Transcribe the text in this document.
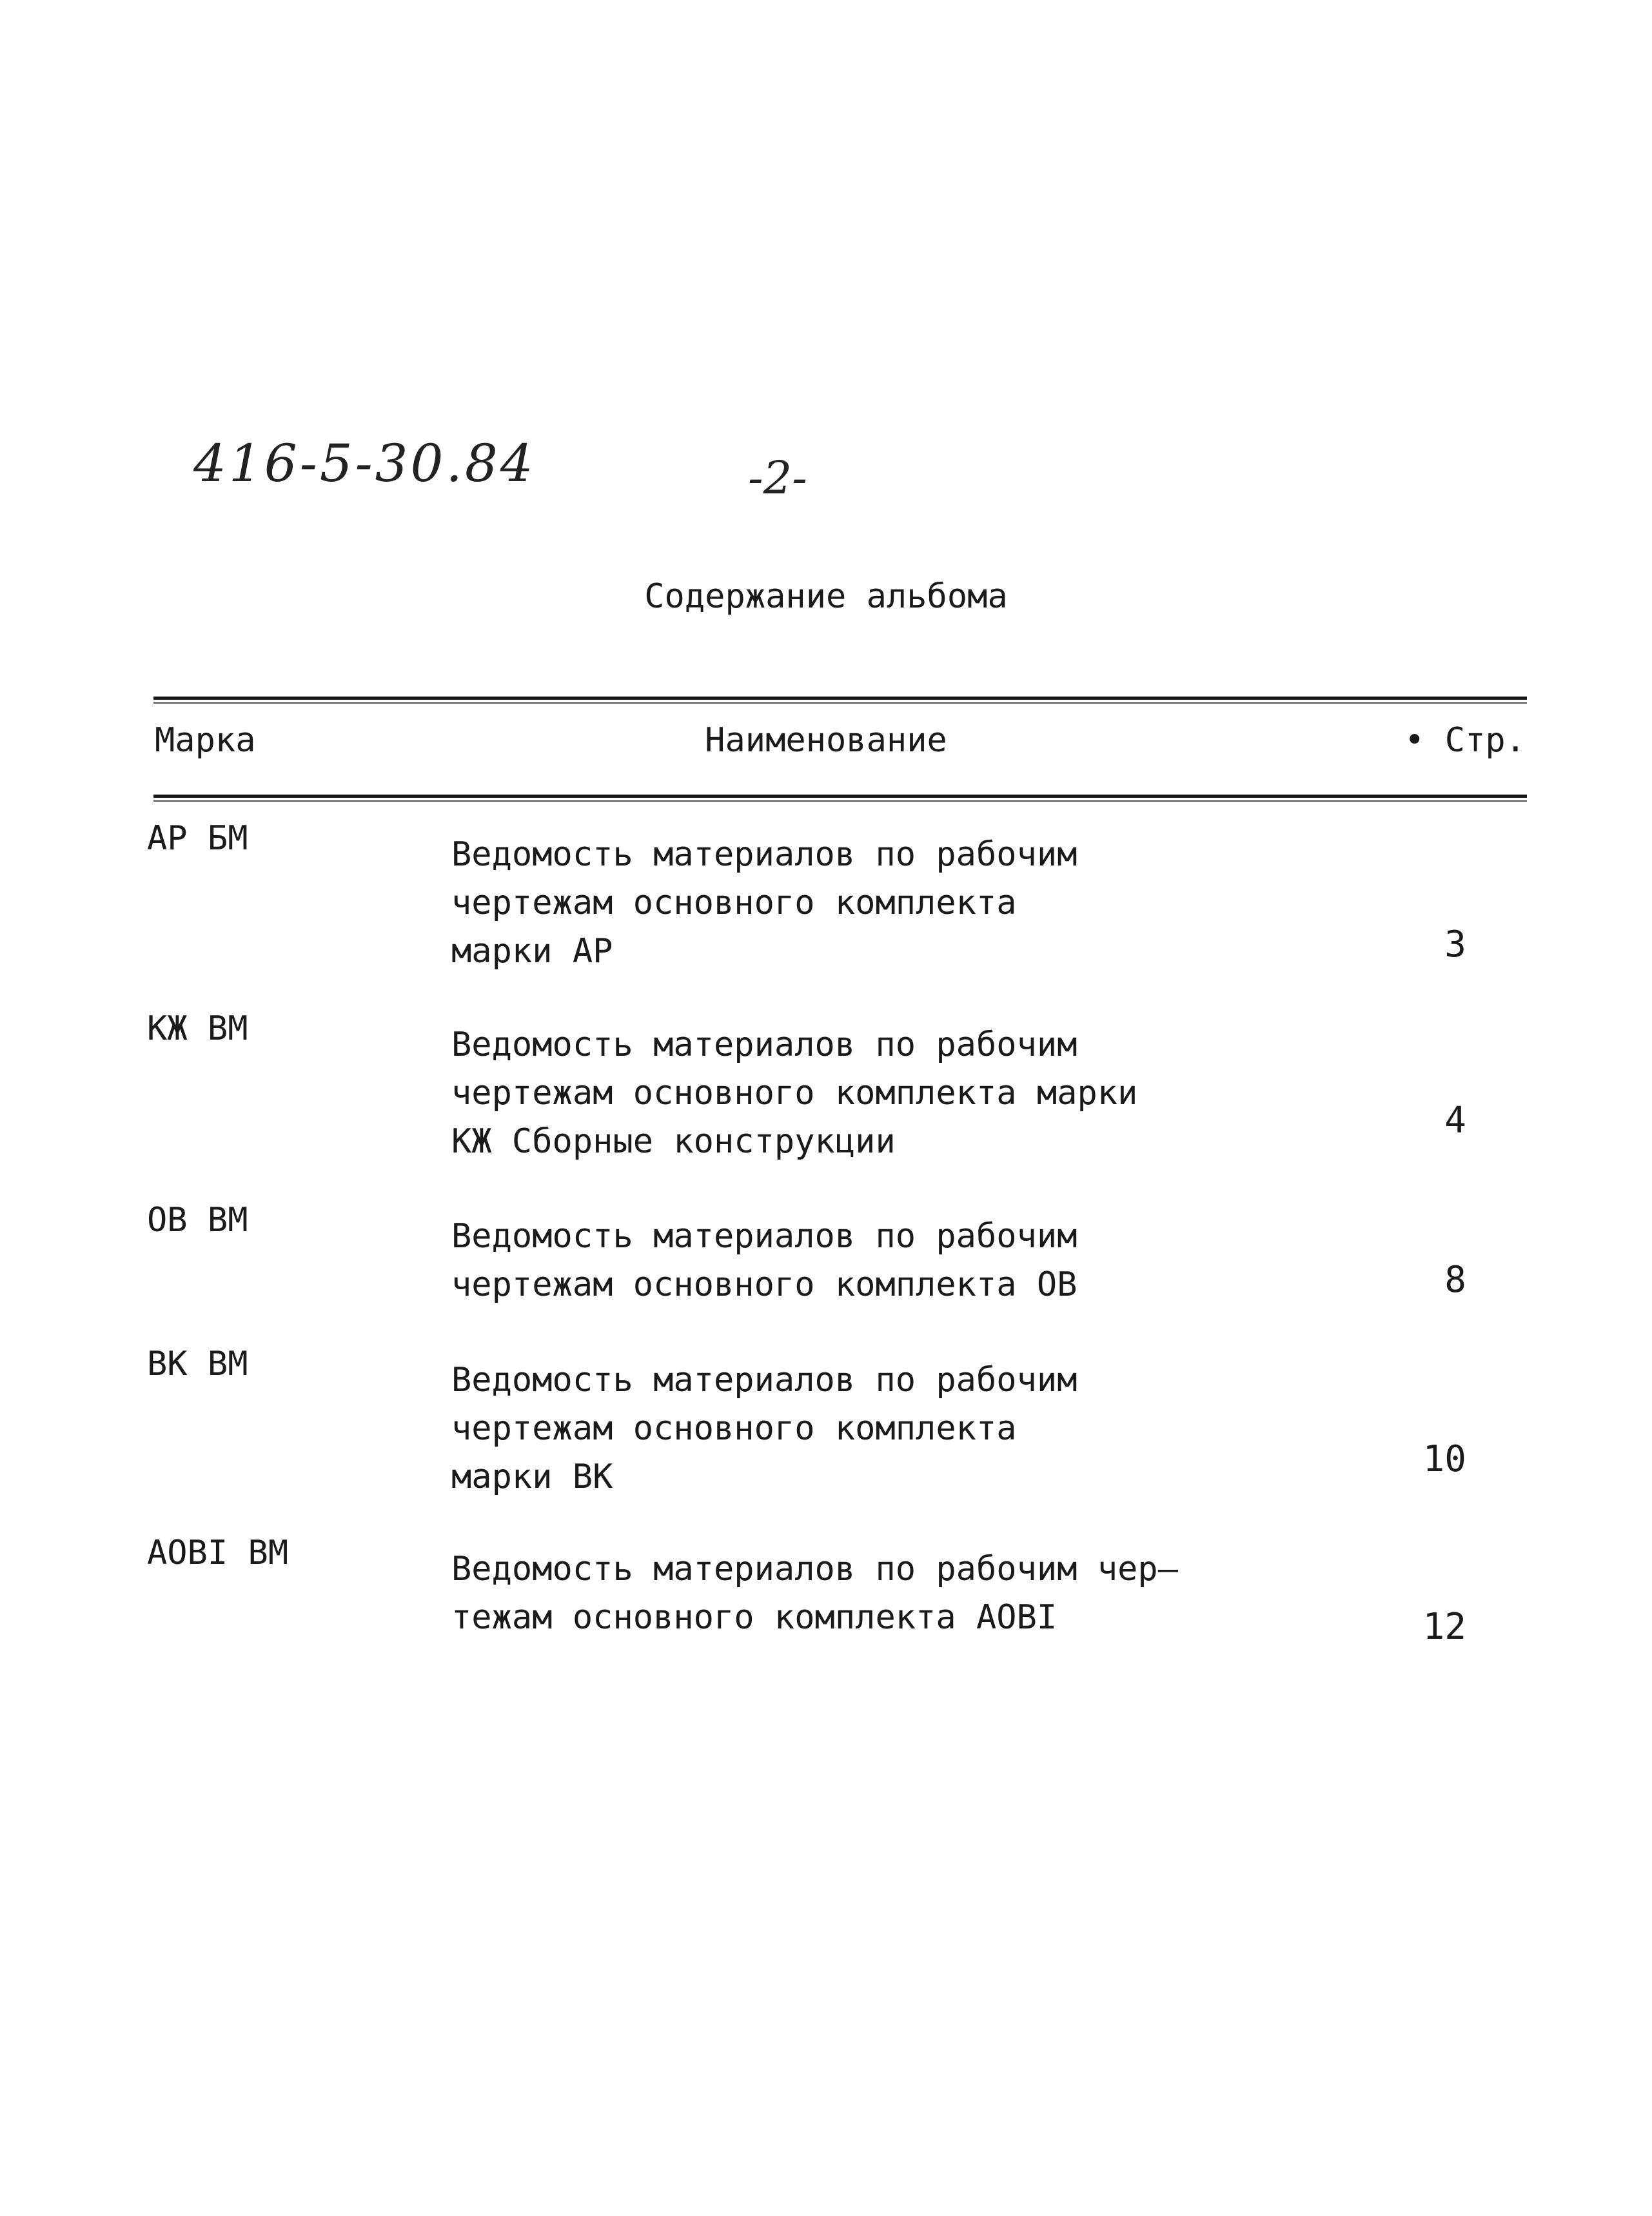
416-5-30.84	-2-
Содержание альбома
Марка	Наименование	• Стр.
АР БМ	Ведомость материалов по рабочим
чертежам основного комплекта
марки АР	3
КЖ ВМ	Ведомость материалов по рабочим
чертежам основного комплекта марки
КЖ Сборные конструкции	4
ОВ ВМ	Ведомость материалов по рабочим
чертежам основного комплекта ОВ	8
ВК ВМ	Ведомость материалов по рабочим
чертежам основного комплекта
марки ВК	10
АОВI ВМ	Ведомость материалов по рабочим чер–
тежам основного комплекта АОВI	12
